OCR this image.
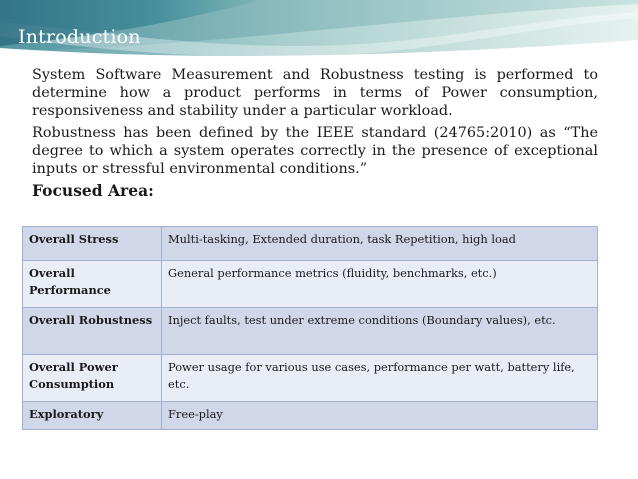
Introduction

System Software Measurement and Robustness testing is performed to determine how a product performs in terms of Power consumption, responsiveness and stability under a particular workload.

Robustness has been defined by the IEEE standard (24765:2010) as “The degree to which a system operates correctly in the presence of exceptional inputs or stressful environmental conditions.”

Focused Area:

Overall Stress	Multi-tasking, Extended duration, task Repetition, high load
Overall Performance	General performance metrics (fluidity, benchmarks, etc.)
Overall Robustness	Inject faults, test under extreme conditions (Boundary values), etc.
Overall Power Consumption	Power usage for various use cases, performance per watt, battery life, etc.
Exploratory	Free-play
